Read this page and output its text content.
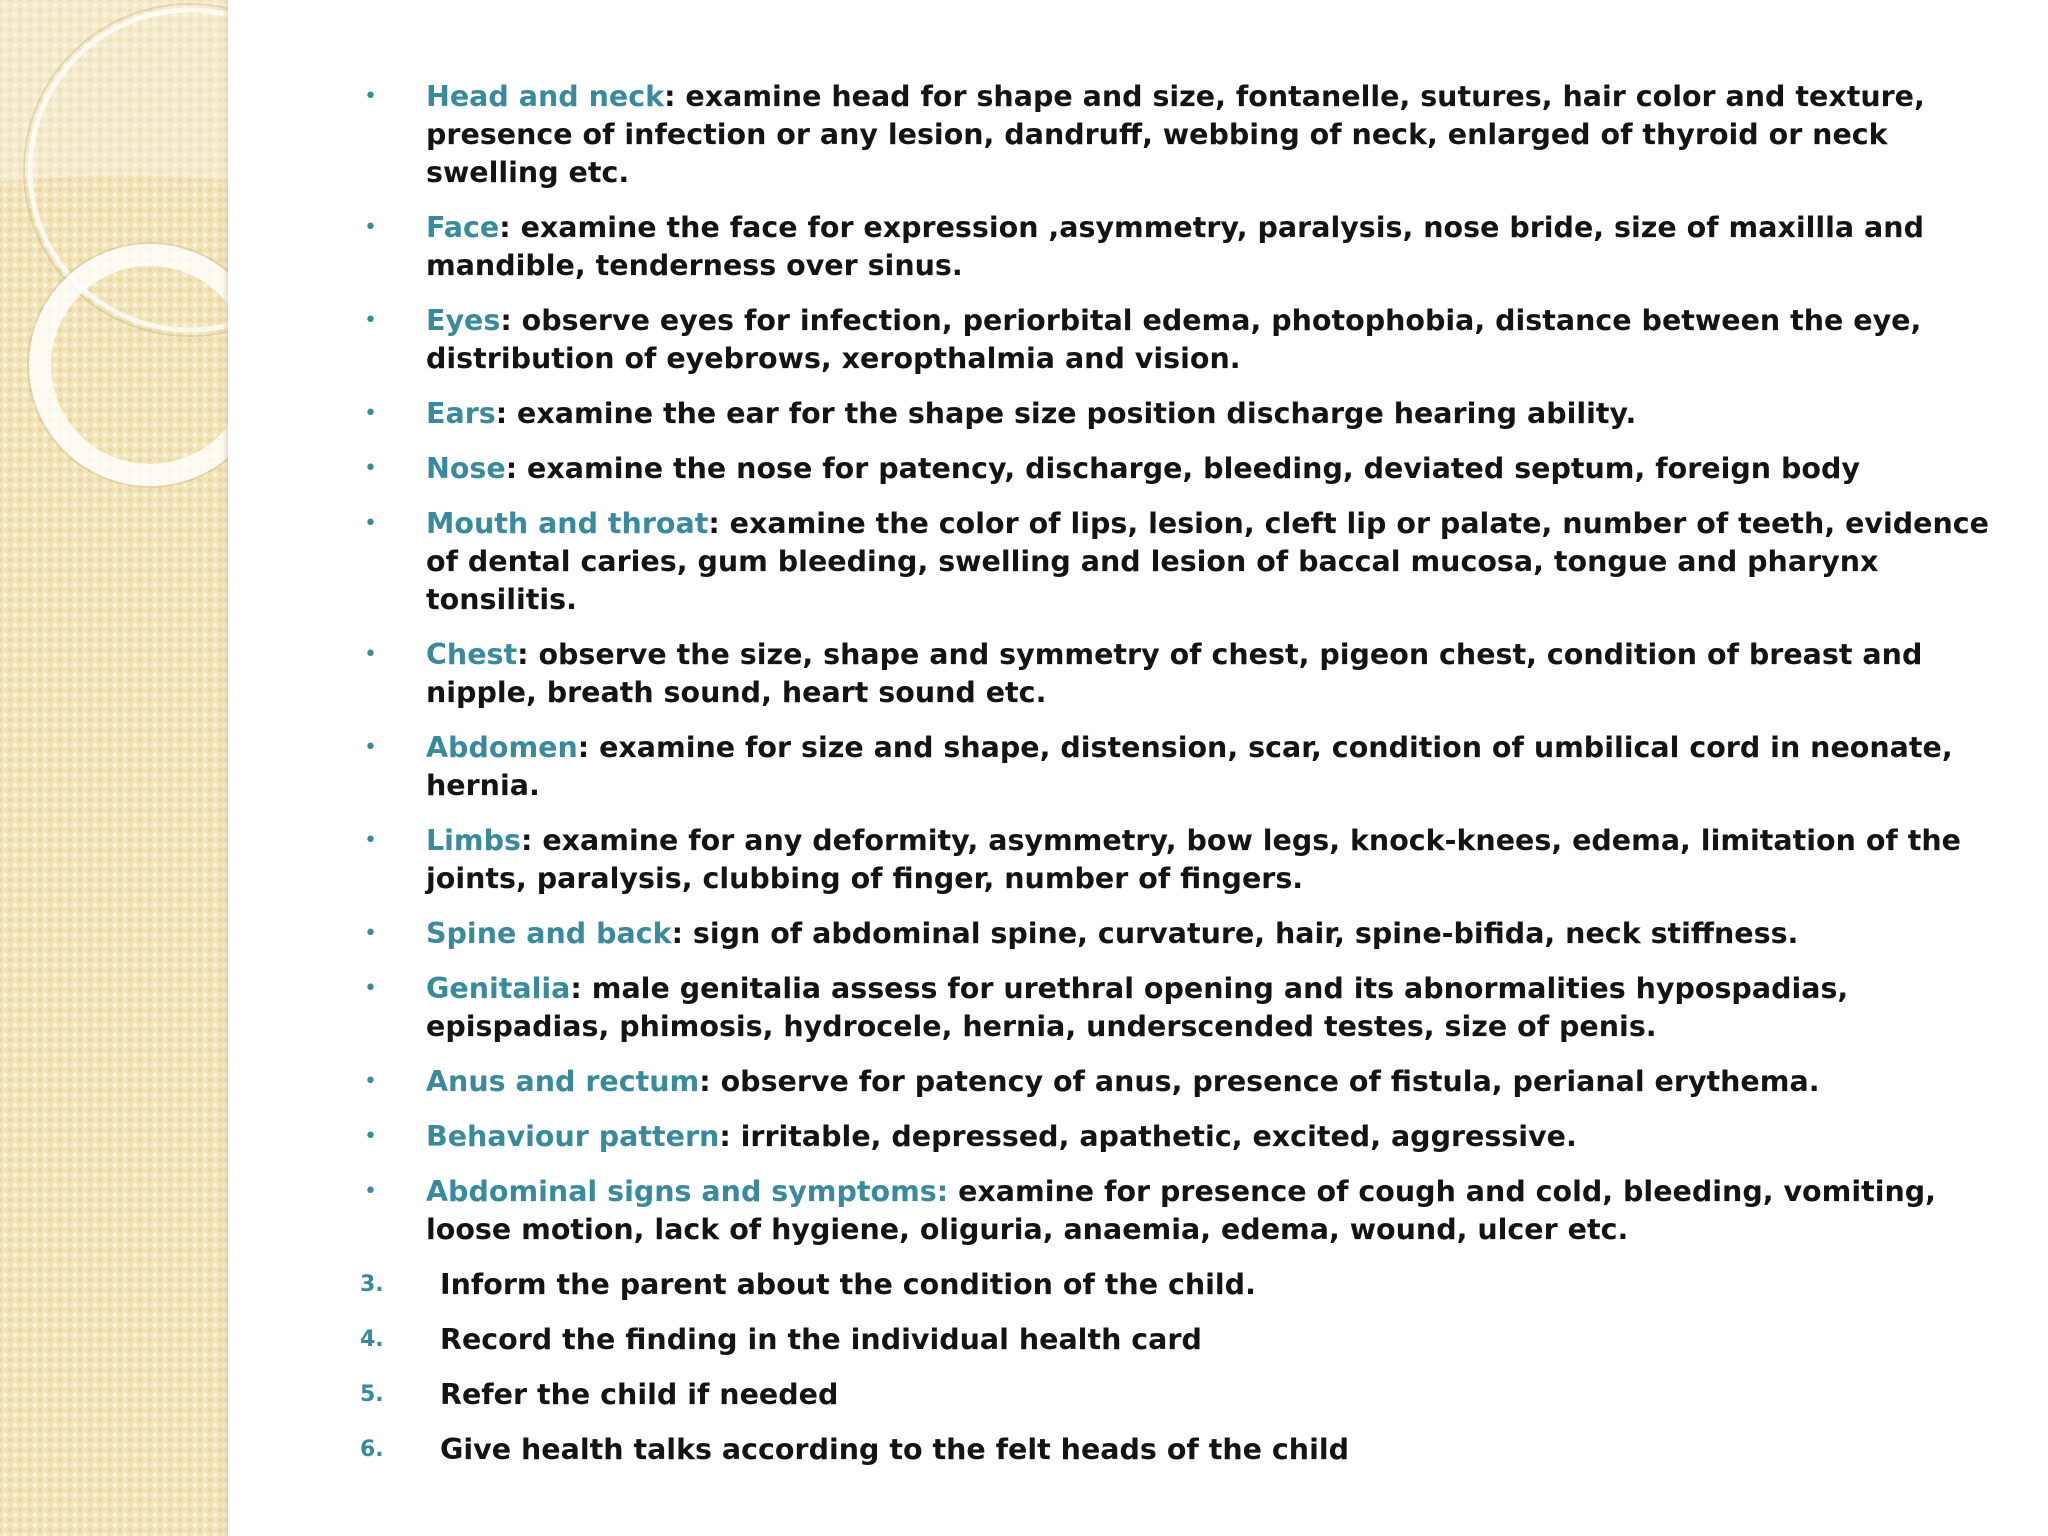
• Head and neck: examine head for shape and size, fontanelle, sutures, hair color and texture, presence of infection or any lesion, dandruff, webbing of neck, enlarged of thyroid or neck swelling etc.
• Face: examine the face for expression ,asymmetry, paralysis, nose bride, size of maxillla and mandible, tenderness over sinus.
• Eyes: observe eyes for infection, periorbital edema, photophobia, distance between the eye, distribution of eyebrows, xeropthalmia and vision.
• Ears: examine the ear for the shape size position discharge hearing ability.
• Nose: examine the nose for patency, discharge, bleeding, deviated septum, foreign body
• Mouth and throat: examine the color of lips, lesion, cleft lip or palate, number of teeth, evidence of dental caries, gum bleeding, swelling and lesion of baccal mucosa, tongue and pharynx tonsilitis.
• Chest: observe the size, shape and symmetry of chest, pigeon chest, condition of breast and nipple, breath sound, heart sound etc.
• Abdomen: examine for size and shape, distension, scar, condition of umbilical cord in neonate, hernia.
• Limbs: examine for any deformity, asymmetry, bow legs, knock-knees, edema, limitation of the joints, paralysis, clubbing of finger, number of fingers.
• Spine and back: sign of abdominal spine, curvature, hair, spine-bifida, neck stiffness.
• Genitalia: male genitalia assess for urethral opening and its abnormalities hypospadias, epispadias, phimosis, hydrocele, hernia, underscended testes, size of penis.
• Anus and rectum: observe for patency of anus, presence of fistula, perianal erythema.
• Behaviour pattern: irritable, depressed, apathetic, excited, aggressive.
• Abdominal signs and symptoms: examine for presence of cough and cold, bleeding, vomiting, loose motion, lack of hygiene, oliguria, anaemia, edema, wound, ulcer etc.
3. Inform the parent about the condition of the child.
4. Record the finding in the individual health card
5. Refer the child if needed
6. Give health talks according to the felt heads of the child
